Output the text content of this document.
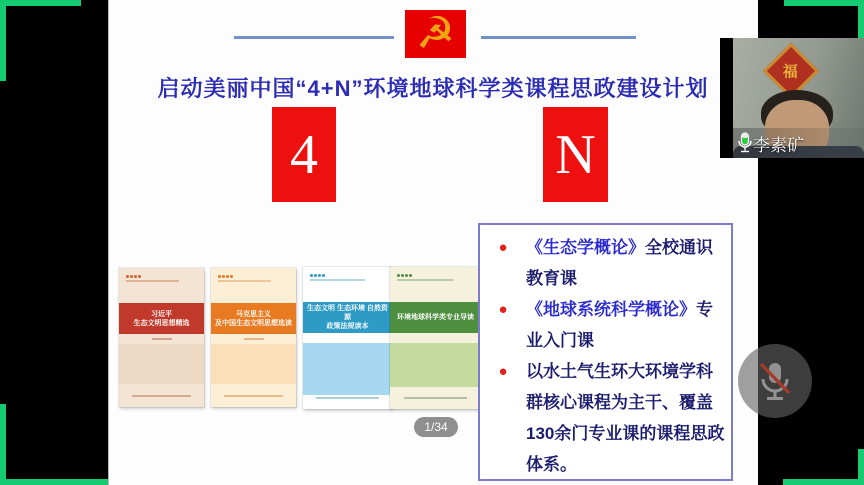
☭
启动美丽中国“4+N”环境地球科学类课程思政建设计划
4	N
习近平
生态文明思想精选
马克思主义
及中国生态文明思想选读
生态文明 生态环境 自然资源
政策法规读本
环境地球科学类专业导读
1/34
●	《生态学概论》全校通识教育课
●	《地球系统科学概论》专业入门课
●	以水土气生环大环境学科群核心课程为主干、覆盖130余门专业课的课程思政体系。
福
李素矿
